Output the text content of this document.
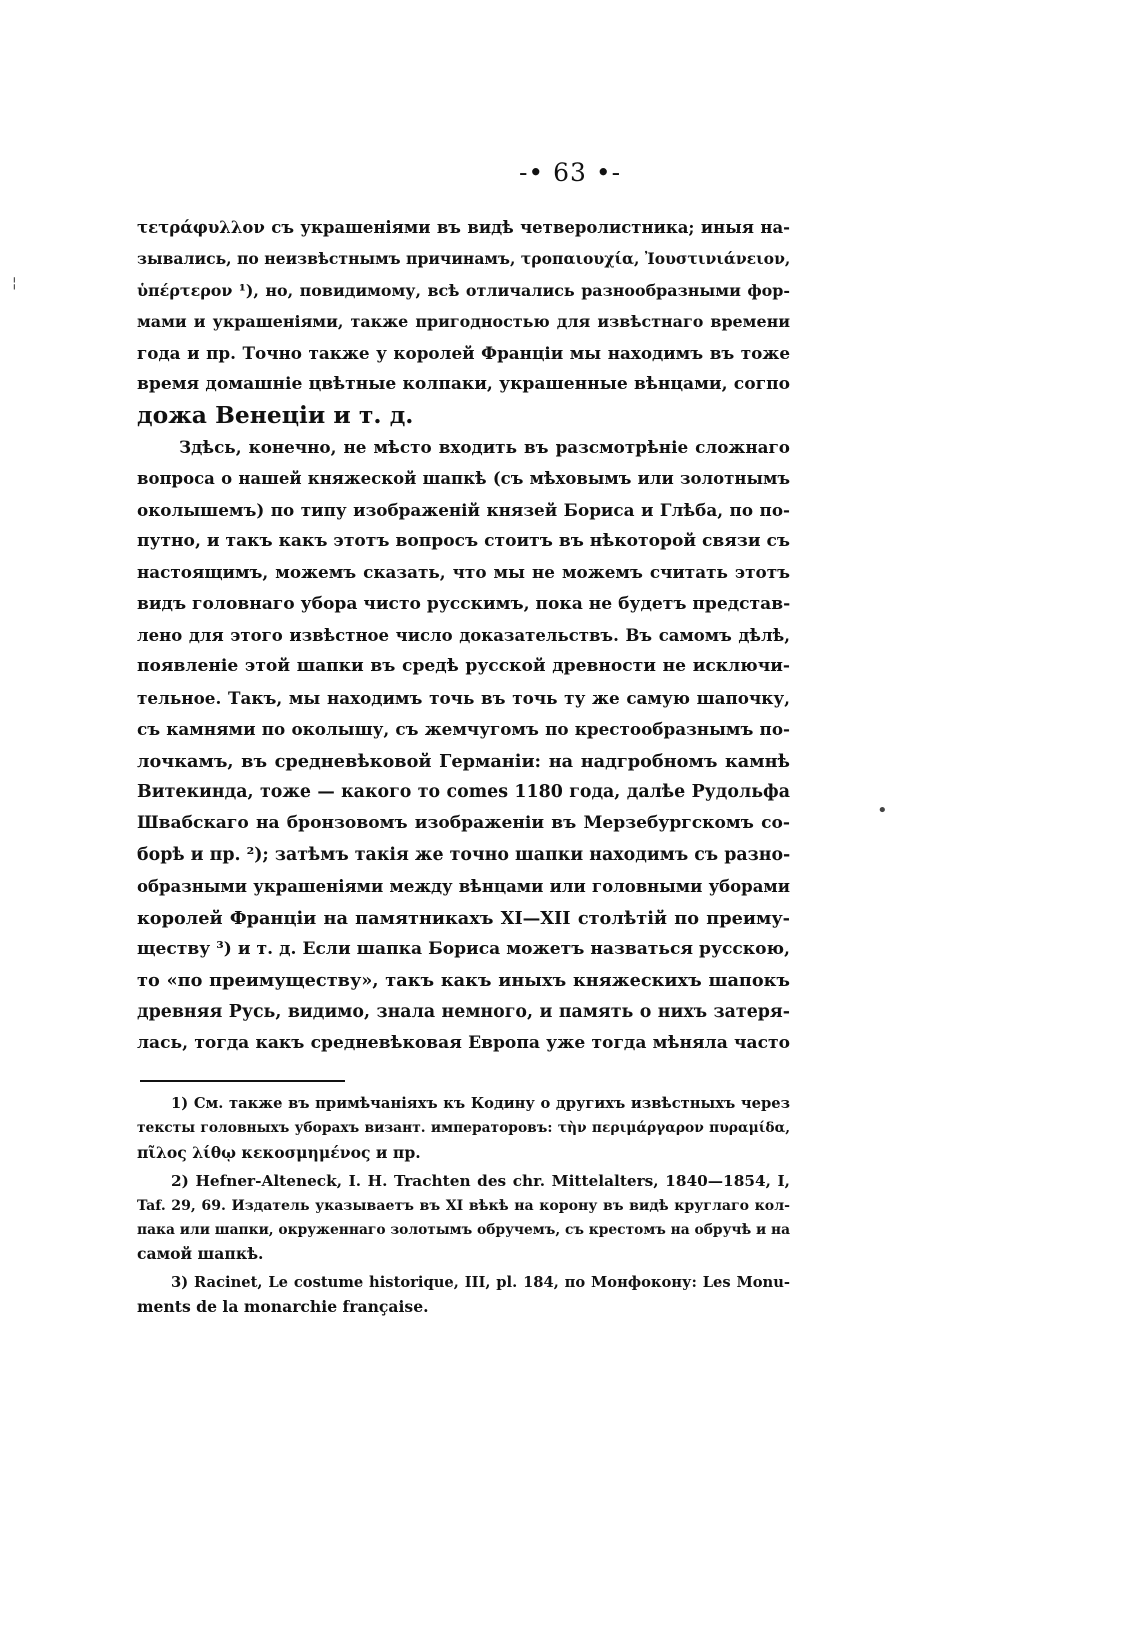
-• 63 •-
τετράφυλλον съ украшеніями въ видѣ четверолистника; иныя на-
зывались, по неизвѣстнымъ причинамъ, τροπαιουχία, Ἰουστινιάνειον,
ὑπέρτερον ¹), но, повидимому, всѣ отличались разнообразными фор-
мами и украшеніями, также пригодностью для извѣстнаго времени
года и пр. Точно также у королей Франціи мы находимъ въ тоже
время домашніе цвѣтные колпаки, украшенные вѣнцами, согпо
дожа Венеціи и т. д.
Здѣсь, конечно, не мѣсто входить въ разсмотрѣніе сложнаго
вопроса о нашей княжеской шапкѣ (съ мѣховымъ или золотнымъ
околышемъ) по типу изображеній князей Бориса и Глѣба, по по-
путно, и такъ какъ этотъ вопросъ стоитъ въ нѣкоторой связи съ
настоящимъ, можемъ сказать, что мы не можемъ считать этотъ
видъ головнаго убора чисто русскимъ, пока не будетъ представ-
лено для этого извѣстное число доказательствъ. Въ самомъ дѣлѣ,
появленіе этой шапки въ средѣ русской древности не исключи-
тельное. Такъ, мы находимъ точь въ точь ту же самую шапочку,
съ камнями по околышу, съ жемчугомъ по крестообразнымъ по-
лочкамъ, въ средневѣковой Германіи: на надгробномъ камнѣ
Витекинда, тоже — какого то comes 1180 года, далѣе Рудольфа
Швабскаго на бронзовомъ изображеніи въ Мерзебургскомъ со-
борѣ и пр. ²); затѣмъ такія же точно шапки находимъ съ разно-
образными украшеніями между вѣнцами или головными уборами
королей Франціи на памятникахъ XI—XII столѣтій по преиму-
ществу ³) и т. д. Если шапка Бориса можетъ назваться русскою,
то «по преимуществу», такъ какъ иныхъ княжескихъ шапокъ
древняя Русь, видимо, знала немного, и память о нихъ затеря-
лась, тогда какъ средневѣковая Европа уже тогда мѣняла часто
1) См. также въ примѣчаніяхъ къ Кодину о другихъ извѣстныхъ через
тексты головныхъ уборахъ визант. императоровъ: τὴν περιμάργαρον πυραμίδα,
πῖλος λίθῳ κεκοσμημένος и пр.
2) Hefner-Alteneck, I. H. Trachten des chr. Mittelalters, 1840—1854, I,
Taf. 29, 69. Издатель указываетъ въ XI вѣкѣ на корону въ видѣ круглаго кол-
пака или шапки, окруженнаго золотымъ обручемъ, съ крестомъ на обручѣ и на
самой шапкѣ.
3) Racinet, Le costume historique, III, pl. 184, по Монфокону: Les Monu-
ments de la monarchie française.
•
¦
